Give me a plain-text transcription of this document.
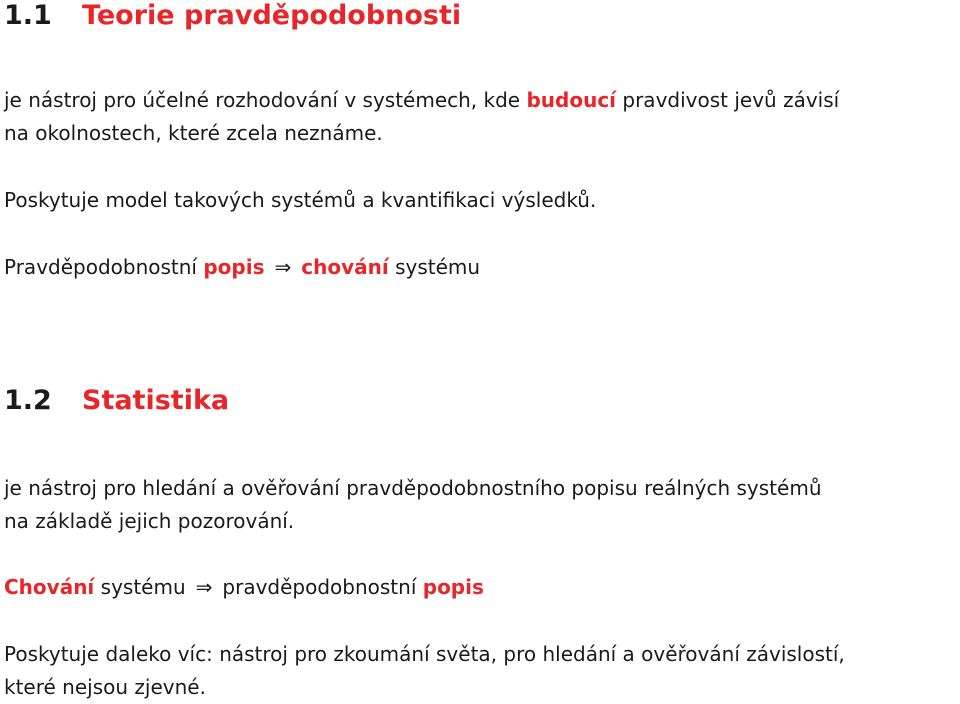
1.1 Teorie pravděpodobnosti

je nástroj pro účelné rozhodování v systémech, kde budoucí pravdivost jevů závisí
na okolnostech, které zcela neznáme.

Poskytuje model takových systémů a kvantifikaci výsledků.

Pravděpodobnostní popis ⇒ chování systému

1.2 Statistika

je nástroj pro hledání a ověřování pravděpodobnostního popisu reálných systémů
na základě jejich pozorování.

Chování systému ⇒ pravděpodobnostní popis

Poskytuje daleko víc: nástroj pro zkoumání světa, pro hledání a ověřování závislostí,
které nejsou zjevné.
